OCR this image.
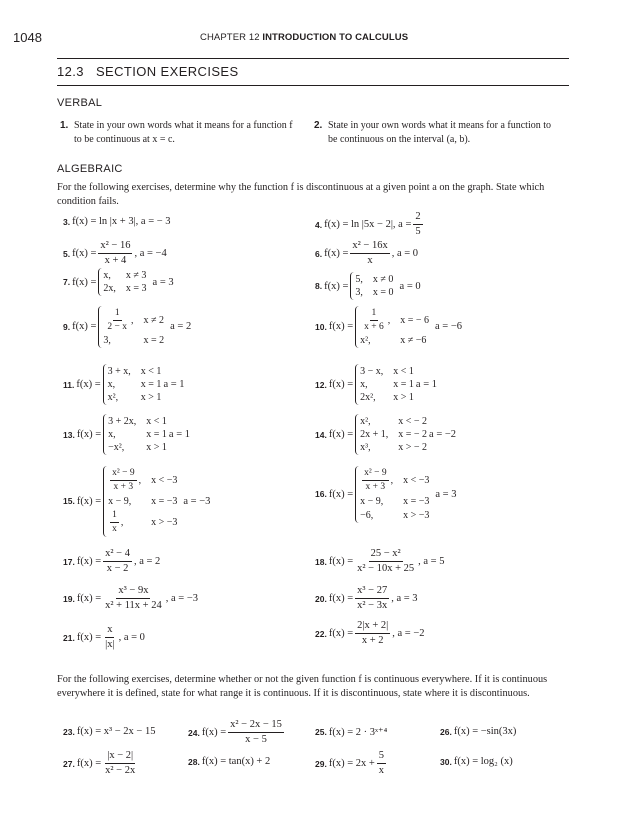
1048	CHAPTER 12 INTRODUCTION TO CALCULUS
12.3 SECTION EXERCISES
VERBAL
1. State in your own words what it means for a function f to be continuous at x = c.
2. State in your own words what it means for a function to be continuous on the interval (a, b).
ALGEBRAIC
For the following exercises, determine why the function f is discontinuous at a given point a on the graph. State which condition fails.
3. f(x) = ln |x + 3|, a = − 3	4. f(x) = ln |5x − 2|, $a = \frac{2}{5}$
5. $f(x) = \frac{\text{x² − 16}}{x + 4}$ , a = −4	6. $f(x) = \frac{\text{x² − 16x}}{x}$ , a = 0
7. f(x) =
x,	x ≠ 3
2x, x = 3
a = 3	8. f(x) =
5, x ≠ 0
3, x = 0
a = 0
9. $f(x) = \frac{1}{2 - x}$ , x ≠ 2
3,	x = 2
a = 2	10. $f(x) = \frac{1}{x + 6}$ , x = − 6
x²,	x ≠ −6
a = −6
11. f(x) =
3 + x, x < 1
x,	x = 1
x²,	x > 1
a = 1	12. f(x) =
3 − x, x < 1
x,	x = 1
2x²,	x > 1
a = 1
13. f(x) =
3 + 2x, x < 1
x,	x = 1
−x²,	x > 1
a = 1	14. f(x) =
x²,	x < − 2
2x + 1, x = − 2
x³,	x > − 2
a = −2
15. f(x) =
$\frac{\text{x² − 9}}{x + 3}$ , x < −3
x − 9,	x = −3
$\frac{1}{x}$ ,	x > −3
a = −3
16. f(x) =
$\frac{\text{x² − 9}}{x + 3}$ , x < −3
x − 9,	x = −3
−6,	x > −3
a = 3
17. $f(x) = \frac{\text{x² − 4}}{x - 2}$ , a = 2	18. $f(x) = \frac{\text{25 − x²}}{\text{x² − 10x + 25}}$ , a = 5
19. $f(x) = \frac{\text{x³ − 9x}}{\text{x² + 11x + 24}}$ , a = −3	20. $f(x) = \frac{\text{x³ − 27}}{\text{x² − 3x}}$ , a = 3
21. $f(x) = \frac{x}{|x|}$ , a = 0	22. $f(x) = \frac{2|x + 2|}{x + 2}$ , a = −2
For the following exercises, determine whether or not the given function f is continuous everywhere. If it is continuous everywhere it is defined, state for what range it is continuous. If it is discontinuous, state where it is discontinuous.
23. f(x) = x³ − 2x − 15	24. $f(x) = \frac{\text{x² − 2x − 15}}{x - 5}$	25. f(x) = 2 · 3ˣ⁺⁴	26. f(x) = −sin(3x)
27. $f(x) = \frac{|x - 2|}{\text{x² − 2x}}$	28. f(x) = tan(x) + 2	29. $f(x) = 2x + \frac{5}{x}$	30. f(x) = log₂ (x)
